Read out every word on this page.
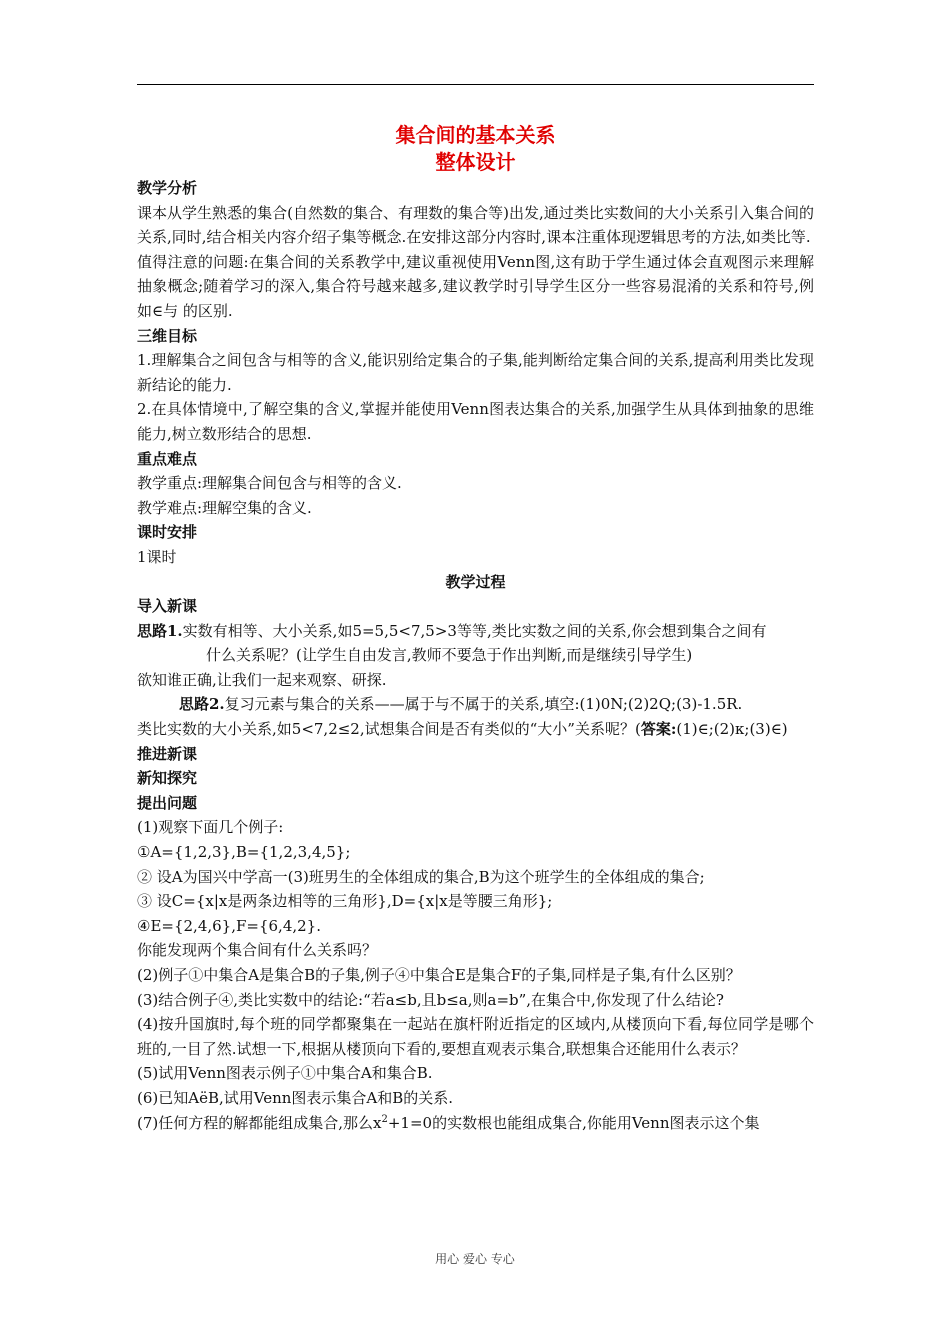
集合间的基本关系
整体设计
教学分析

课本从学生熟悉的集合(自然数的集合、有理数的集合等)出发,通过类比实数间的大小关系引入集合间的关系,同时,结合相关内容介绍子集等概念.在安排这部分内容时,课本注重体现逻辑思考的方法,如类比等.

值得注意的问题:在集合间的关系教学中,建议重视使用Venn图,这有助于学生通过体会直观图示来理解抽象概念;随着学习的深入,集合符号越来越多,建议教学时引导学生区分一些容易混淆的关系和符号,例如∈与 的区别.

三维目标

1.理解集合之间包含与相等的含义,能识别给定集合的子集,能判断给定集合间的关系,提高利用类比发现新结论的能力.

2.在具体情境中,了解空集的含义,掌握并能使用Venn图表达集合的关系,加强学生从具体到抽象的思维能力,树立数形结合的思想.

重点难点

教学重点:理解集合间包含与相等的含义.

教学难点:理解空集的含义.

课时安排

1课时

教学过程
导入新课

思路1.实数有相等、大小关系,如5=5,5<7,5>3等等,类比实数之间的关系,你会想到集合之间有

什么关系呢？(让学生自由发言,教师不要急于作出判断,而是继续引导学生)

欲知谁正确,让我们一起来观察、研探.

思路2.复习元素与集合的关系——属于与不属于的关系,填空:(1)0N;(2)2Q;(3)-1.5R.

类比实数的大小关系,如5<7,2≤2,试想集合间是否有类似的“大小”关系呢？(答案:(1)∈;(2)κ;(3)∈)

推进新课
新知探究
提出问题

(1)观察下面几个例子:

①A={1,2,3},B={1,2,3,4,5};

② 设A为国兴中学高一(3)班男生的全体组成的集合,B为这个班学生的全体组成的集合;

③ 设C={x|x是两条边相等的三角形},D={x|x是等腰三角形};

④E={2,4,6},F={6,4,2}.

你能发现两个集合间有什么关系吗？

(2)例子①中集合A是集合B的子集,例子④中集合E是集合F的子集,同样是子集,有什么区别？

(3)结合例子④,类比实数中的结论:“若a≤b,且b≤a,则a=b”,在集合中,你发现了什么结论?

(4)按升国旗时,每个班的同学都聚集在一起站在旗杆附近指定的区域内,从楼顶向下看,每位同学是哪个班的,一目了然.试想一下,根据从楼顶向下看的,要想直观表示集合,联想集合还能用什么表示？

(5)试用Venn图表示例子①中集合A和集合B.

(6)已知AëB,试用Venn图表示集合A和B的关系.

(7)任何方程的解都能组成集合,那么$x^2+1=0$的实数根也能组成集合,你能用Venn图表示这个集

用心 爱心 专心
